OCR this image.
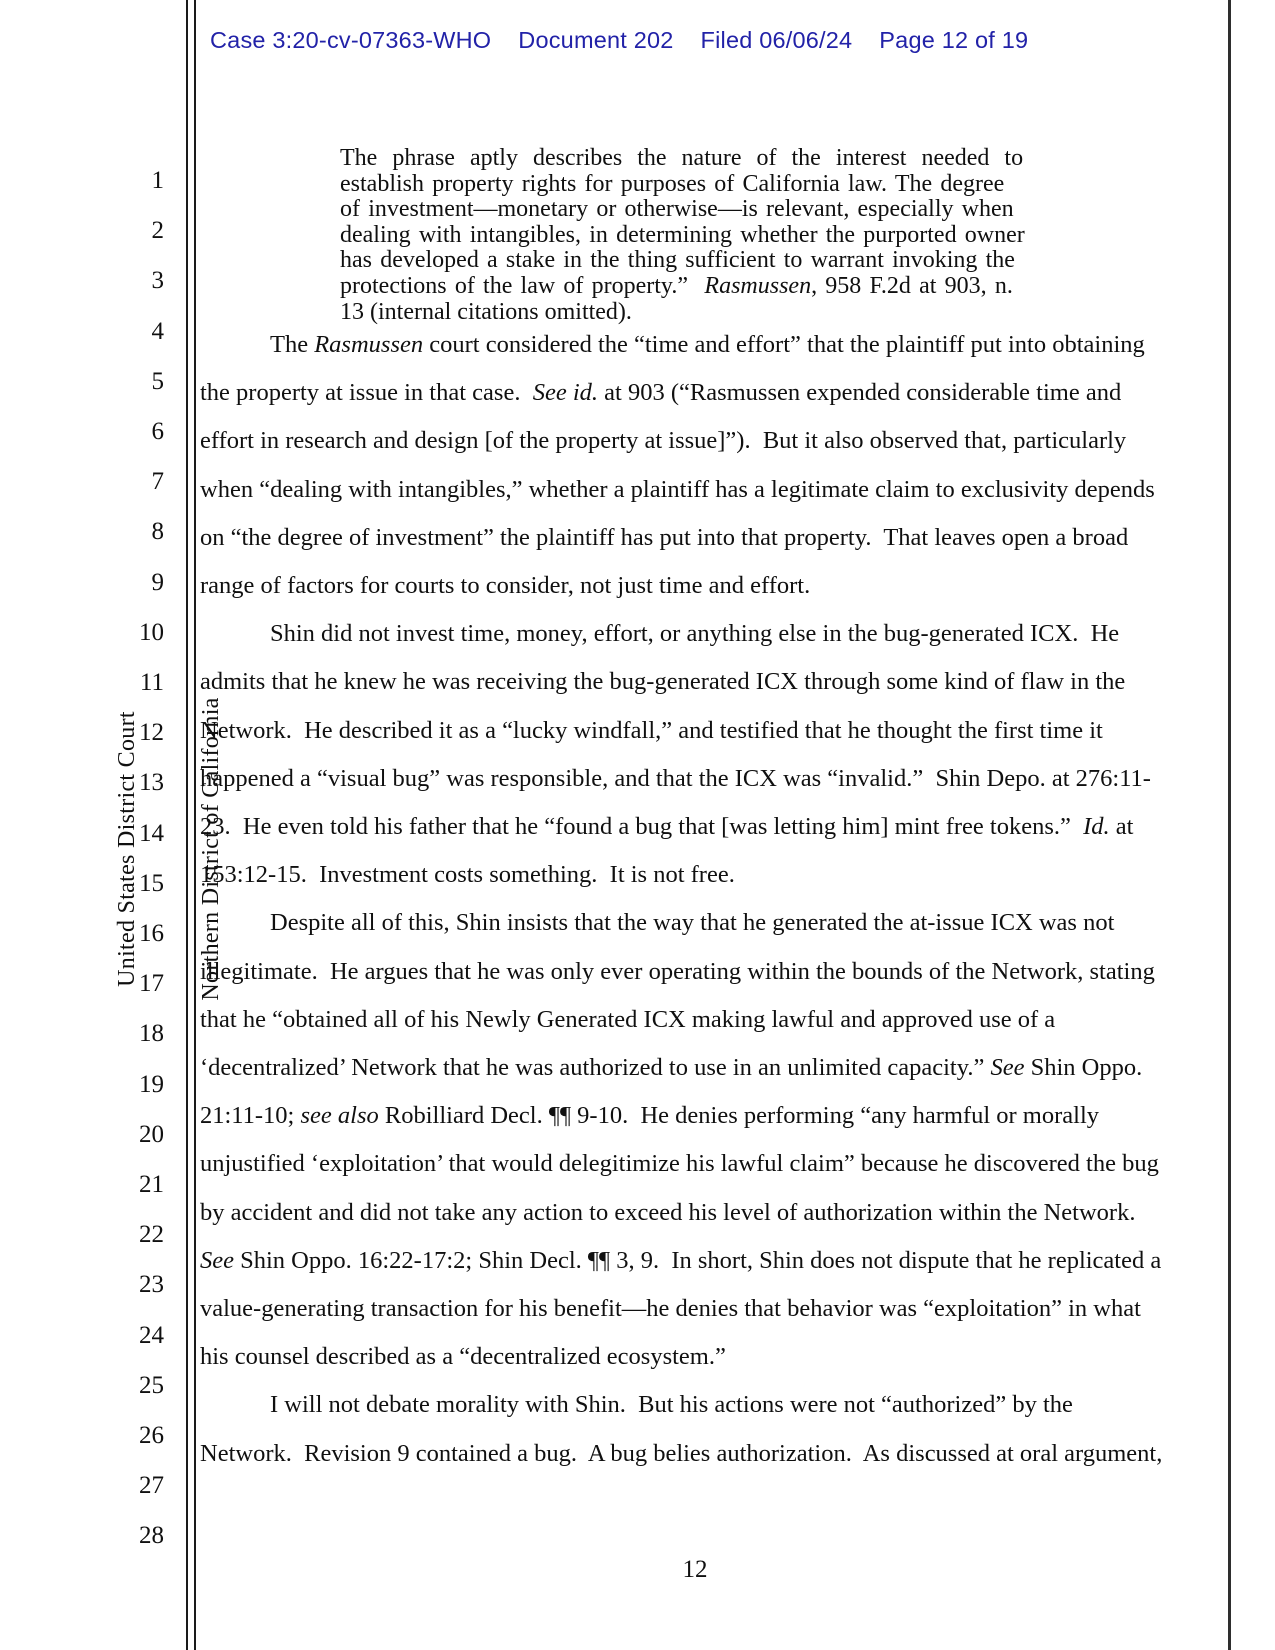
1
2
3
4
5
6
7
8
9
10
11
12
13
14
15
16
17
18
19
20
21
22
23
24
25
26
27
28

United States District Court

Northern District of California

Case 3:20-cv-07363-WHO Document 202 Filed 06/06/24 Page 12 of 19
The phrase aptly describes the nature of the interest needed to
establish property rights for purposes of California law. The degree
of investment—monetary or otherwise—is relevant, especially when
dealing with intangibles, in determining whether the purported owner
has developed a stake in the thing sufficient to warrant invoking the
protections of the law of property.”  Rasmussen, 958 F.2d at 903, n.
13 (internal citations omitted).
The Rasmussen court considered the “time and effort” that the plaintiff put into obtaining
the property at issue in that case.  See id. at 903 (“Rasmussen expended considerable time and
effort in research and design [of the property at issue]”).  But it also observed that, particularly
when “dealing with intangibles,” whether a plaintiff has a legitimate claim to exclusivity depends
on “the degree of investment” the plaintiff has put into that property.  That leaves open a broad
range of factors for courts to consider, not just time and effort.
Shin did not invest time, money, effort, or anything else in the bug-generated ICX.  He
admits that he knew he was receiving the bug-generated ICX through some kind of flaw in the
Network.  He described it as a “lucky windfall,” and testified that he thought the first time it
happened a “visual bug” was responsible, and that the ICX was “invalid.”  Shin Depo. at 276:11-
23.  He even told his father that he “found a bug that [was letting him] mint free tokens.”  Id. at
153:12-15.  Investment costs something.  It is not free.
Despite all of this, Shin insists that the way that he generated the at-issue ICX was not
illegitimate.  He argues that he was only ever operating within the bounds of the Network, stating
that he “obtained all of his Newly Generated ICX making lawful and approved use of a
‘decentralized’ Network that he was authorized to use in an unlimited capacity.” See Shin Oppo.
21:11-10; see also Robilliard Decl. ¶¶ 9-10.  He denies performing “any harmful or morally
unjustified ‘exploitation’ that would delegitimize his lawful claim” because he discovered the bug
by accident and did not take any action to exceed his level of authorization within the Network.
See Shin Oppo. 16:22-17:2; Shin Decl. ¶¶ 3, 9.  In short, Shin does not dispute that he replicated a
value-generating transaction for his benefit—he denies that behavior was “exploitation” in what
his counsel described as a “decentralized ecosystem.”
I will not debate morality with Shin.  But his actions were not “authorized” by the
Network.  Revision 9 contained a bug.  A bug belies authorization.  As discussed at oral argument,
12
